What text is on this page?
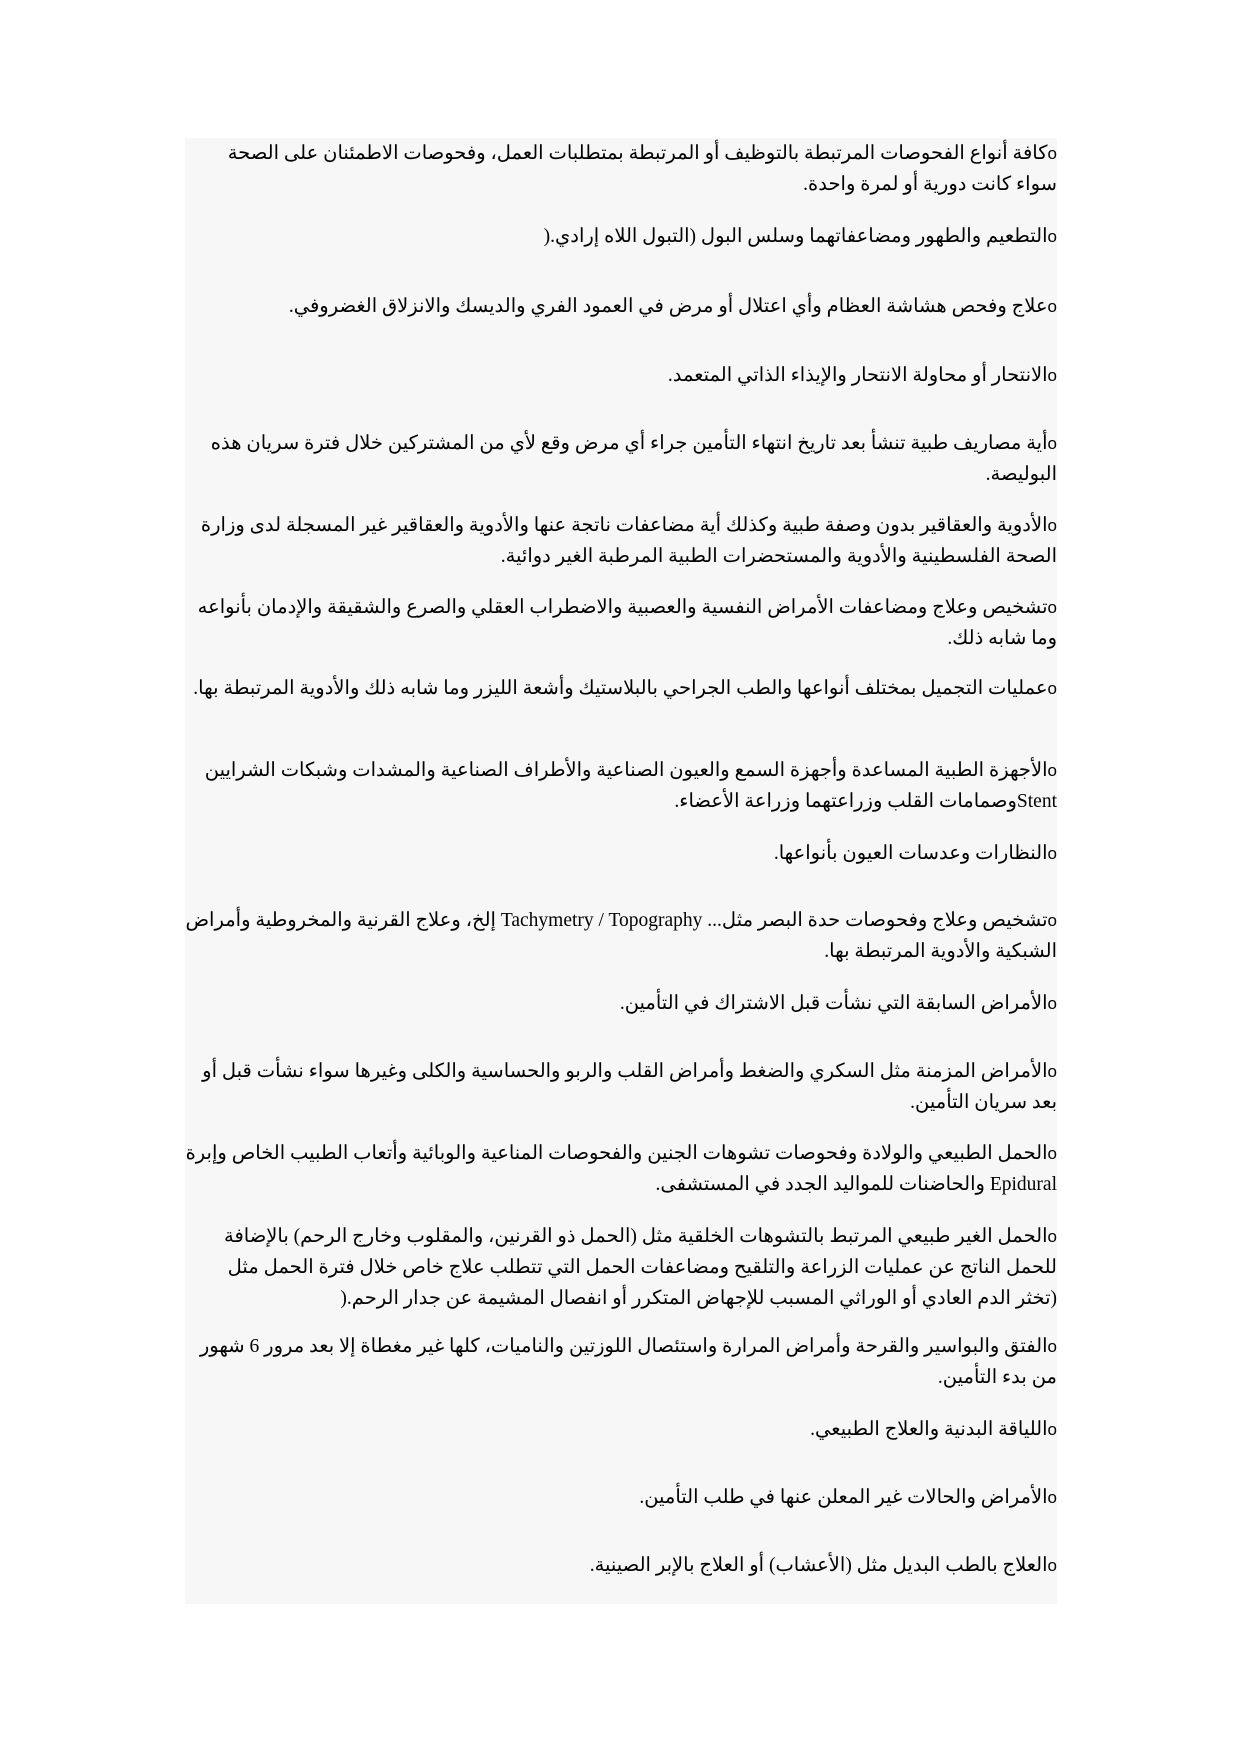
oكافة أنواع الفحوصات المرتبطة بالتوظيف أو المرتبطة بمتطلبات العمل، وفحوصات الاطمئنان على الصحة سواء كانت دورية أو لمرة واحدة.
oالتطعيم والطهور ومضاعفاتهما وسلس البول (التبول اللاه إرادي.(
oعلاج وفحص هشاشة العظام وأي اعتلال أو مرض في العمود الفري والديسك والانزلاق الغضروفي.
oالانتحار أو محاولة الانتحار والإيذاء الذاتي المتعمد.
oأية مصاريف طبية تنشأ بعد تاريخ انتهاء التأمين جراء أي مرض وقع لأي من المشتركين خلال فترة سريان هذه البوليصة.
oالأدوية والعقاقير بدون وصفة طبية وكذلك أية مضاعفات ناتجة عنها والأدوية والعقاقير غير المسجلة لدى وزارة الصحة الفلسطينية والأدوية والمستحضرات الطبية المرطبة الغير دوائية.
oتشخيص وعلاج ومضاعفات الأمراض النفسية والعصبية والاضطراب العقلي والصرع والشقيقة والإدمان بأنواعه وما شابه ذلك.
oعمليات التجميل بمختلف أنواعها والطب الجراحي بالبلاستيك وأشعة الليزر وما شابه ذلك والأدوية المرتبطة بها.
oالأجهزة الطبية المساعدة وأجهزة السمع والعيون الصناعية والأطراف الصناعية والمشدات وشبكات الشرايين Stentوصمامات القلب وزراعتهما وزراعة الأعضاء.
oالنظارات وعدسات العيون بأنواعها.
oتشخيص وعلاج وفحوصات حدة البصر مثل... Tachymetry / Topography إلخ، وعلاج القرنية والمخروطية وأمراض الشبكية والأدوية المرتبطة بها.
oالأمراض السابقة التي نشأت قبل الاشتراك في التأمين.
oالأمراض المزمنة مثل السكري والضغط وأمراض القلب والربو والحساسية والكلى وغيرها سواء نشأت قبل أو بعد سريان التأمين.
oالحمل الطبيعي والولادة وفحوصات تشوهات الجنين والفحوصات المناعية والوبائية وأتعاب الطبيب الخاص وإبرة Epidural والحاضنات للمواليد الجدد في المستشفى.
oالحمل الغير طبيعي المرتبط بالتشوهات الخلقية مثل (الحمل ذو القرنين، والمقلوب وخارج الرحم) بالإضافة للحمل الناتج عن عمليات الزراعة والتلقيح ومضاعفات الحمل التي تتطلب علاج خاص خلال فترة الحمل مثل (تخثر الدم العادي أو الوراثي المسبب للإجهاض المتكرر أو انفصال المشيمة عن جدار الرحم.(
oالفتق والبواسير والقرحة وأمراض المرارة واستئصال اللوزتين والناميات، كلها غير مغطاة إلا بعد مرور 6 شهور من بدء التأمين.
oاللياقة البدنية والعلاج الطبيعي.
oالأمراض والحالات غير المعلن عنها في طلب التأمين.
oالعلاج بالطب البديل مثل (الأعشاب) أو العلاج بالإبر الصينية.
